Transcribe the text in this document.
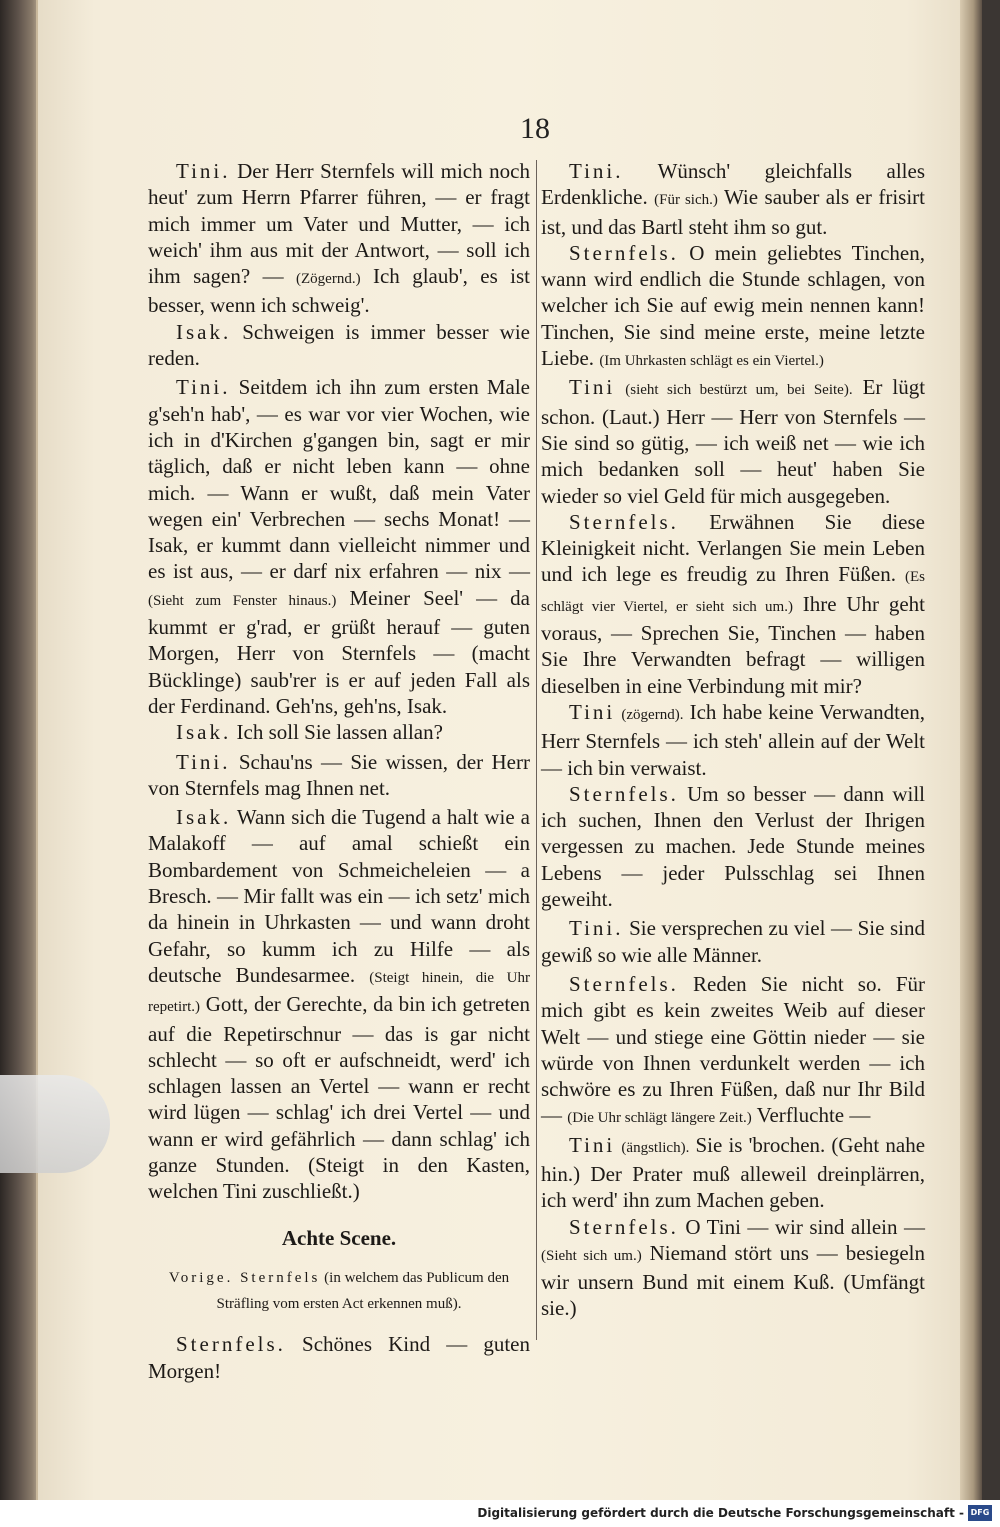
18
Tini. Der Herr Sternfels will mich noch heut' zum Herrn Pfarrer führen, — er fragt mich immer um Vater und Mutter, — ich weich' ihm aus mit der Antwort, — soll ich ihm sagen? — (Zögernd.) Ich glaub', es ist besser, wenn ich schweig'.
Isak. Schweigen is immer besser wie reden.
Tini. Seitdem ich ihn zum ersten Male g'seh'n hab', — es war vor vier Wochen, wie ich in d'Kirchen g'gangen bin, sagt er mir täglich, daß er nicht leben kann — ohne mich. — Wann er wußt, daß mein Vater wegen ein' Verbrechen — sechs Monat! — Isak, er kummt dann vielleicht nimmer und es ist aus, — er darf nix erfahren — nix — (Sieht zum Fenster hinaus.) Meiner Seel' — da kummt er g'rad, er grüßt herauf — guten Morgen, Herr von Sternfels — (macht Bücklinge) saub'rer is er auf jeden Fall als der Ferdinand. Geh'ns, geh'ns, Isak.
Isak. Ich soll Sie lassen allan?
Tini. Schau'ns — Sie wissen, der Herr von Sternfels mag Ihnen net.
Isak. Wann sich die Tugend a halt wie a Malakoff — auf amal schießt ein Bombardement von Schmeicheleien — a Bresch. — Mir fallt was ein — ich setz' mich da hinein in Uhrkasten — und wann droht Gefahr, so kumm ich zu Hilfe — als deutsche Bundesarmee. (Steigt hinein, die Uhr repetirt.) Gott, der Gerechte, da bin ich getreten auf die Repetirschnur — das is gar nicht schlecht — so oft er aufschneidt, werd' ich schlagen lassen an Vertel — wann er recht wird lügen — schlag' ich drei Vertel — und wann er wird gefährlich — dann schlag' ich ganze Stunden. (Steigt in den Kasten, welchen Tini zuschließt.)
Achte Scene.
Vorige. Sternfels (in welchem das Publicum den Sträfling vom ersten Act erkennen muß).
Sternfels. Schönes Kind — guten Morgen!
Tini. Wünsch' gleichfalls alles Erdenkliche. (Für sich.) Wie sauber als er frisirt ist, und das Bartl steht ihm so gut.
Sternfels. O mein geliebtes Tinchen, wann wird endlich die Stunde schlagen, von welcher ich Sie auf ewig mein nennen kann! Tinchen, Sie sind meine erste, meine letzte Liebe. (Im Uhrkasten schlägt es ein Viertel.)
Tini (sieht sich bestürzt um, bei Seite). Er lügt schon. (Laut.) Herr — Herr von Sternfels — Sie sind so gütig, — ich weiß net — wie ich mich bedanken soll — heut' haben Sie wieder so viel Geld für mich ausgegeben.
Sternfels. Erwähnen Sie diese Kleinigkeit nicht. Verlangen Sie mein Leben und ich lege es freudig zu Ihren Füßen. (Es schlägt vier Viertel, er sieht sich um.) Ihre Uhr geht voraus, — Sprechen Sie, Tinchen — haben Sie Ihre Verwandten befragt — willigen dieselben in eine Verbindung mit mir?
Tini (zögernd). Ich habe keine Verwandten, Herr Sternfels — ich steh' allein auf der Welt — ich bin verwaist.
Sternfels. Um so besser — dann will ich suchen, Ihnen den Verlust der Ihrigen vergessen zu machen. Jede Stunde meines Lebens — jeder Pulsschlag sei Ihnen geweiht.
Tini. Sie versprechen zu viel — Sie sind gewiß so wie alle Männer.
Sternfels. Reden Sie nicht so. Für mich gibt es kein zweites Weib auf dieser Welt — und stiege eine Göttin nieder — sie würde von Ihnen verdunkelt werden — ich schwöre es zu Ihren Füßen, daß nur Ihr Bild — (Die Uhr schlägt längere Zeit.) Verfluchte —
Tini (ängstlich). Sie is 'brochen. (Geht nahe hin.) Der Prater muß alleweil dreinplärren, ich werd' ihn zum Machen geben.
Sternfels. O Tini — wir sind allein — (Sieht sich um.) Niemand stört uns — besiegeln wir unsern Bund mit einem Kuß. (Umfängt sie.)
Digitalisierung gefördert durch die Deutsche Forschungsgemeinschaft - DFG
